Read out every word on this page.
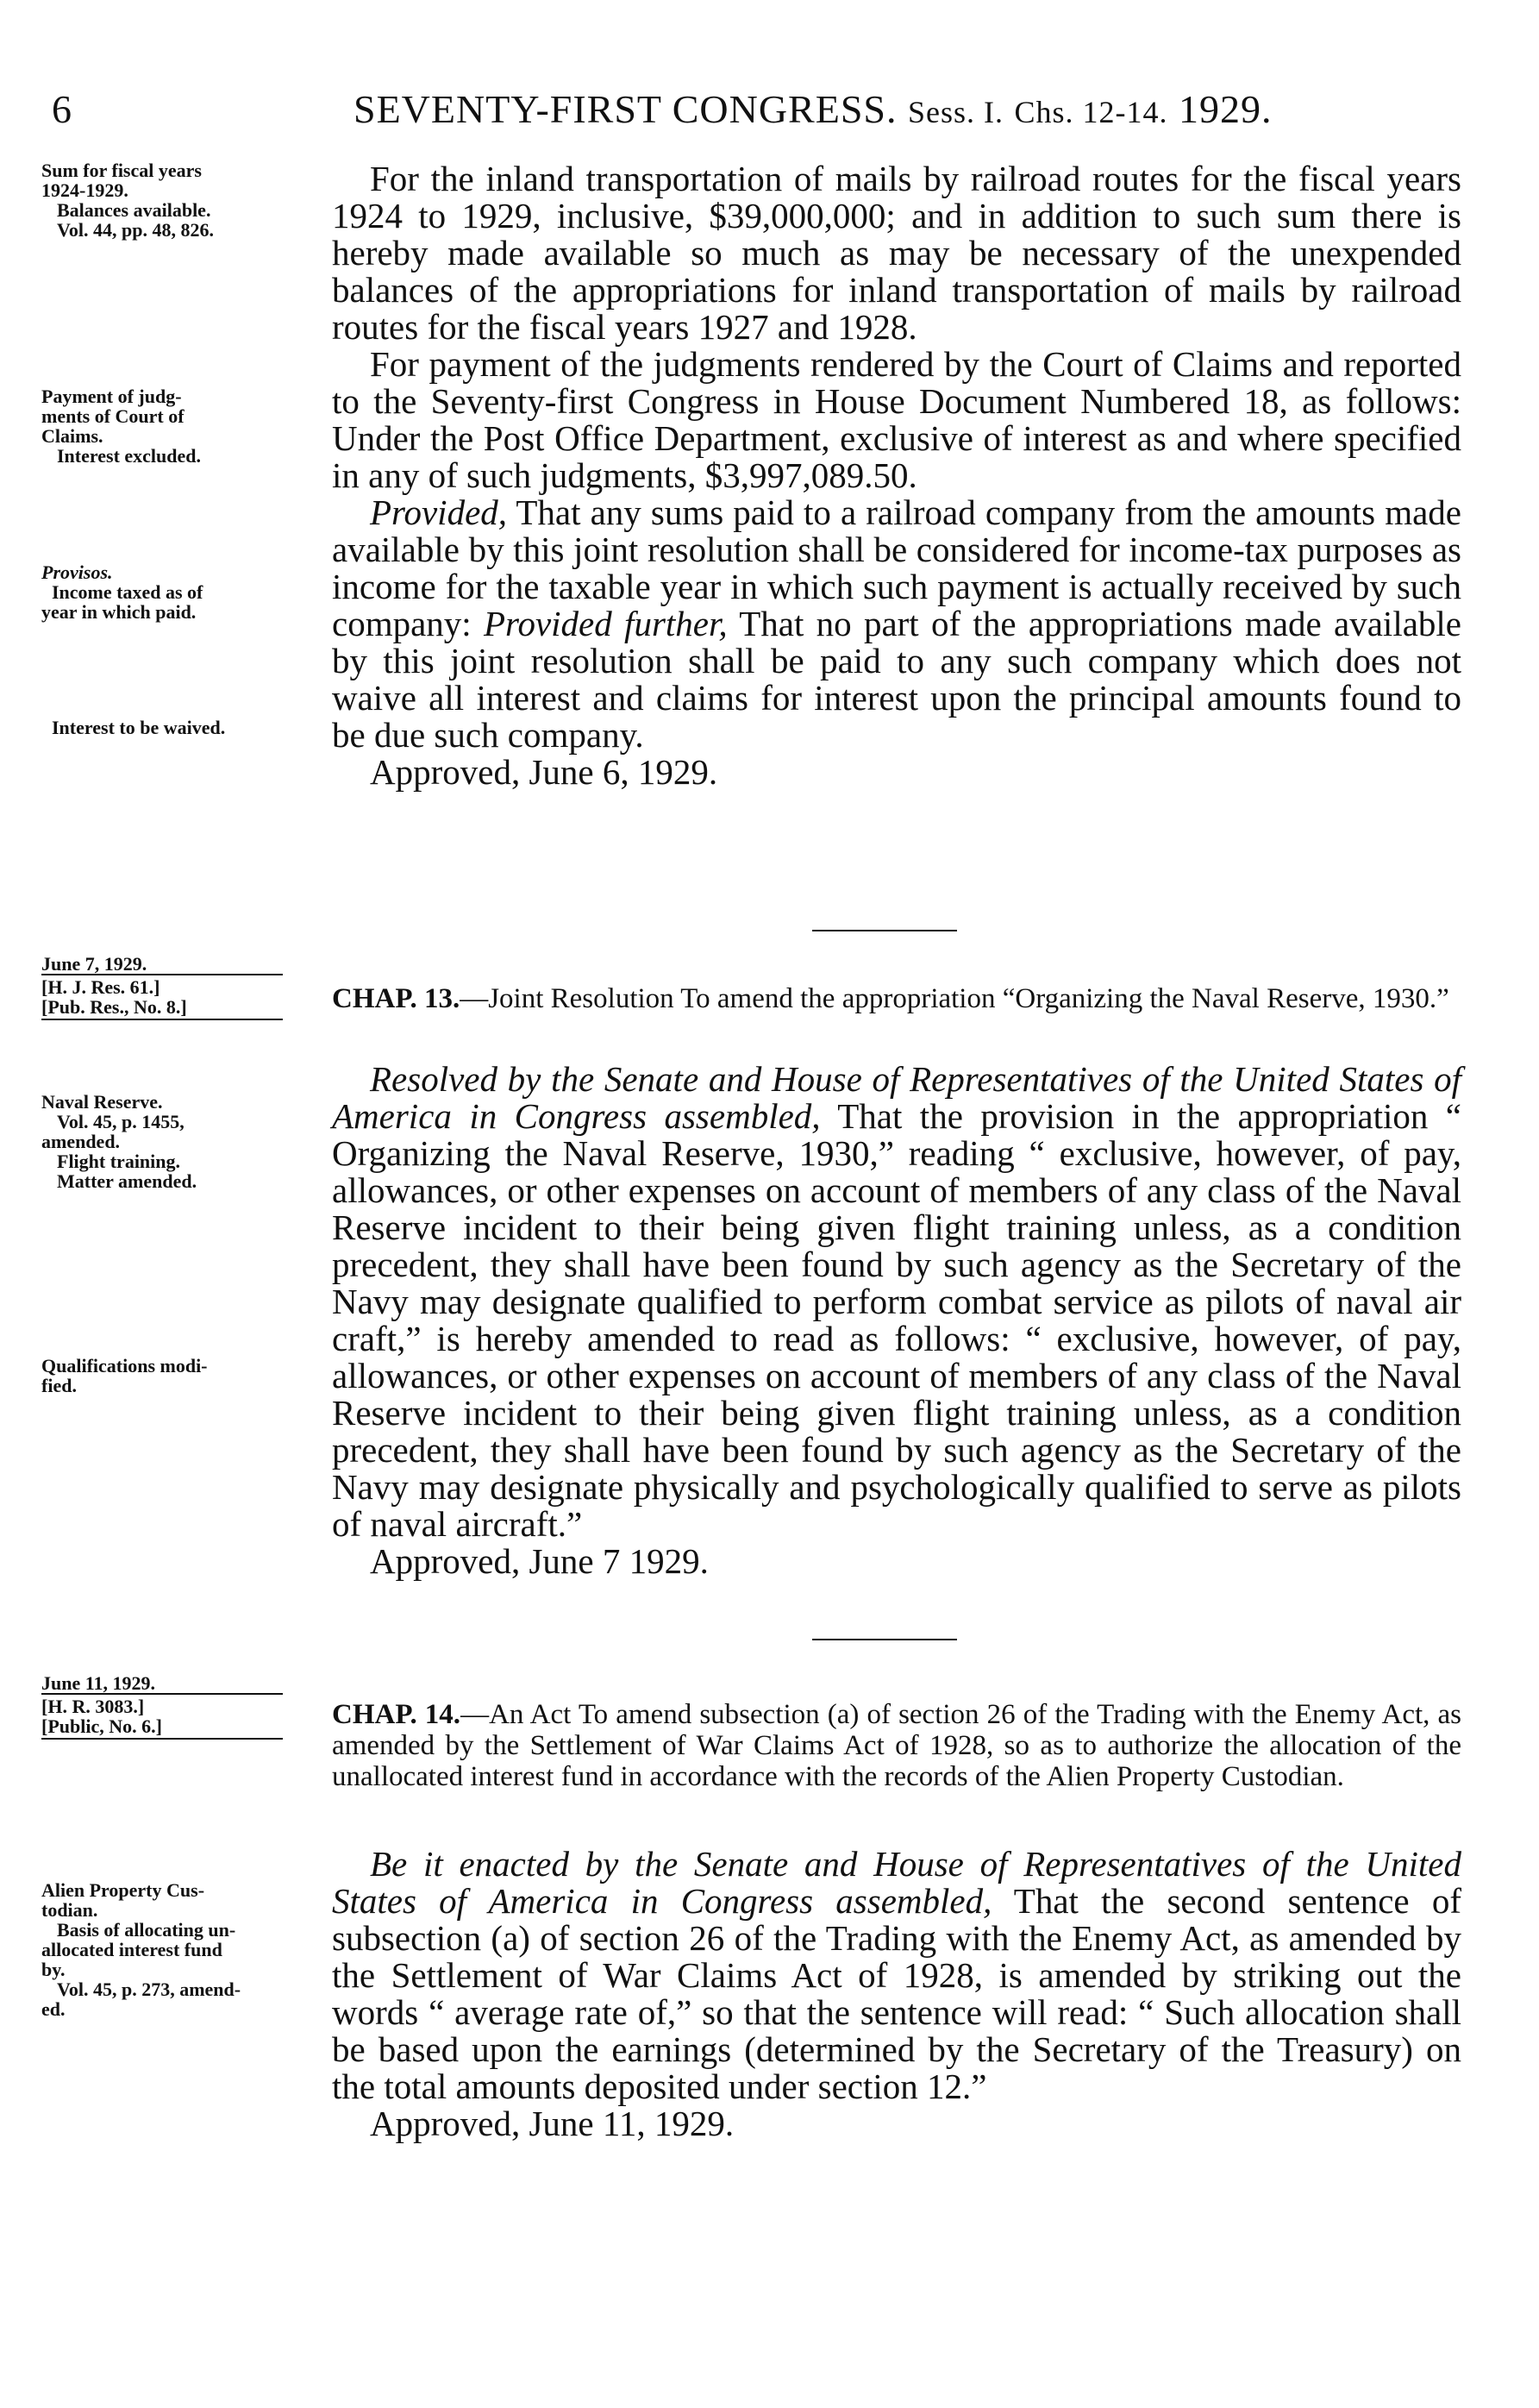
6	SEVENTY-FIRST CONGRESS. Sess. I. Chs. 12-14. 1929.
Sum for fiscal years
1924-1929.
Balances available.
Vol. 44, pp. 48, 826.
Payment of judg-
ments of Court of
Claims.
Interest excluded.
Provisos.
Income taxed as of
year in which paid.
Interest to be waived.

For the inland transportation of mails by railroad routes for the fiscal years 1924 to 1929, inclusive, $39,000,000; and in addition to such sum there is hereby made available so much as may be necessary of the unexpended balances of the appropriations for inland transportation of mails by railroad routes for the fiscal years 1927 and 1928.

For payment of the judgments rendered by the Court of Claims and reported to the Seventy-first Congress in House Document Numbered 18, as follows: Under the Post Office Department, exclusive of interest as and where specified in any of such judgments, $3,997,089.50.

Provided, That any sums paid to a railroad company from the amounts made available by this joint resolution shall be considered for income-tax purposes as income for the taxable year in which such payment is actually received by such company: Provided further, That no part of the appropriations made available by this joint resolution shall be paid to any such company which does not waive all interest and claims for interest upon the principal amounts found to be due such company.

Approved, June 6, 1929.

June 7, 1929.
[H. J. Res. 61.]
[Pub. Res., No. 8.]	CHAP. 13.—Joint Resolution To amend the appropriation “Organizing the Naval Reserve, 1930.”
Naval Reserve.
Vol. 45, p. 1455,
amended.
Flight training.
Matter amended.
Qualifications modi-
fied.

Resolved by the Senate and House of Representatives of the United States of America in Congress assembled, That the provision in the appropriation “ Organizing the Naval Reserve, 1930,” reading “ exclusive, however, of pay, allowances, or other expenses on account of members of any class of the Naval Reserve incident to their being given flight training unless, as a condition precedent, they shall have been found by such agency as the Secretary of the Navy may designate qualified to perform combat service as pilots of naval air craft,” is hereby amended to read as follows: “ exclusive, however, of pay, allowances, or other expenses on account of members of any class of the Naval Reserve incident to their being given flight training unless, as a condition precedent, they shall have been found by such agency as the Secretary of the Navy may designate physically and psychologically qualified to serve as pilots of naval aircraft.”

Approved, June 7 1929.

June 11, 1929.
[H. R. 3083.]
[Public, No. 6.]	CHAP. 14.—An Act To amend subsection (a) of section 26 of the Trading with the Enemy Act, as amended by the Settlement of War Claims Act of 1928, so as to authorize the allocation of the unallocated interest fund in accordance with the records of the Alien Property Custodian.
Alien Property Cus-
todian.
Basis of allocating un-
allocated interest fund
by.
Vol. 45, p. 273, amend-
ed.

Be it enacted by the Senate and House of Representatives of the United States of America in Congress assembled, That the second sentence of subsection (a) of section 26 of the Trading with the Enemy Act, as amended by the Settlement of War Claims Act of 1928, is amended by striking out the words “ average rate of,” so that the sentence will read: “ Such allocation shall be based upon the earnings (determined by the Secretary of the Treasury) on the total amounts deposited under section 12.”

Approved, June 11, 1929.
